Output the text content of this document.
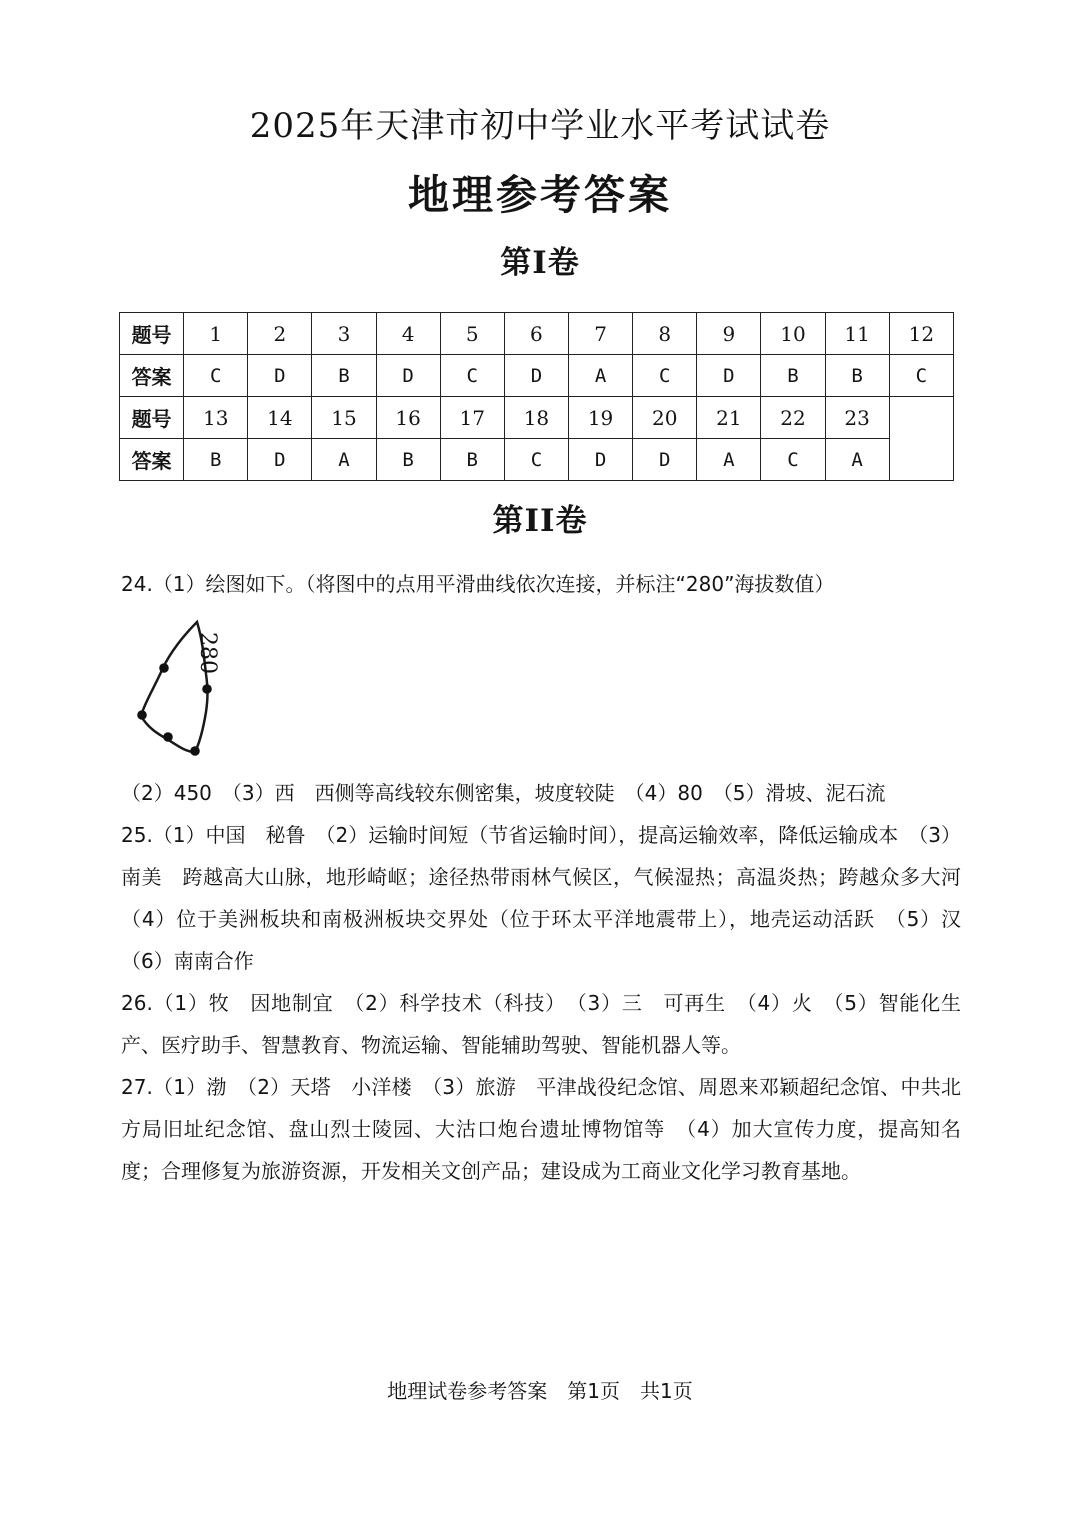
2025年天津市初中学业水平考试试卷
地理参考答案
第I卷
题号	1	2	3	4	5	6	7	8	9	10	11	12
答案	C	D	B	D	C	D	A	C	D	B	B	C
题号	13	14	15	16	17	18	19	20	21	22	23	
答案	B	D	A	B	B	C	D	D	A	C	A	
第II卷
24.（1）绘图如下。（将图中的点用平滑曲线依次连接，并标注“280”海拔数值）
280
（2）450　（3）西　西侧等高线较东侧密集，坡度较陡　（4）80　（5）滑坡、泥石流
25.（1）中国　秘鲁　（2）运输时间短（节省运输时间），提高运输效率，降低运输成本　（3）南美　跨越高大山脉，地形崎岖；途径热带雨林气候区，气候湿热；高温炎热；跨越众多大河　（4）位于美洲板块和南极洲板块交界处（位于环太平洋地震带上），地壳运动活跃　（5）汉　（6）南南合作
26.（1）牧　因地制宜　（2）科学技术（科技）　（3）三　可再生　（4）火　（5）智能化生产、医疗助手、智慧教育、物流运输、智能辅助驾驶、智能机器人等。
27.（1）渤　（2）天塔　小洋楼　（3）旅游　平津战役纪念馆、周恩来邓颖超纪念馆、中共北方局旧址纪念馆、盘山烈士陵园、大沽口炮台遗址博物馆等　（4）加大宣传力度，提高知名度；合理修复为旅游资源，开发相关文创产品；建设成为工商业文化学习教育基地。
地理试卷参考答案　第1页　共1页
